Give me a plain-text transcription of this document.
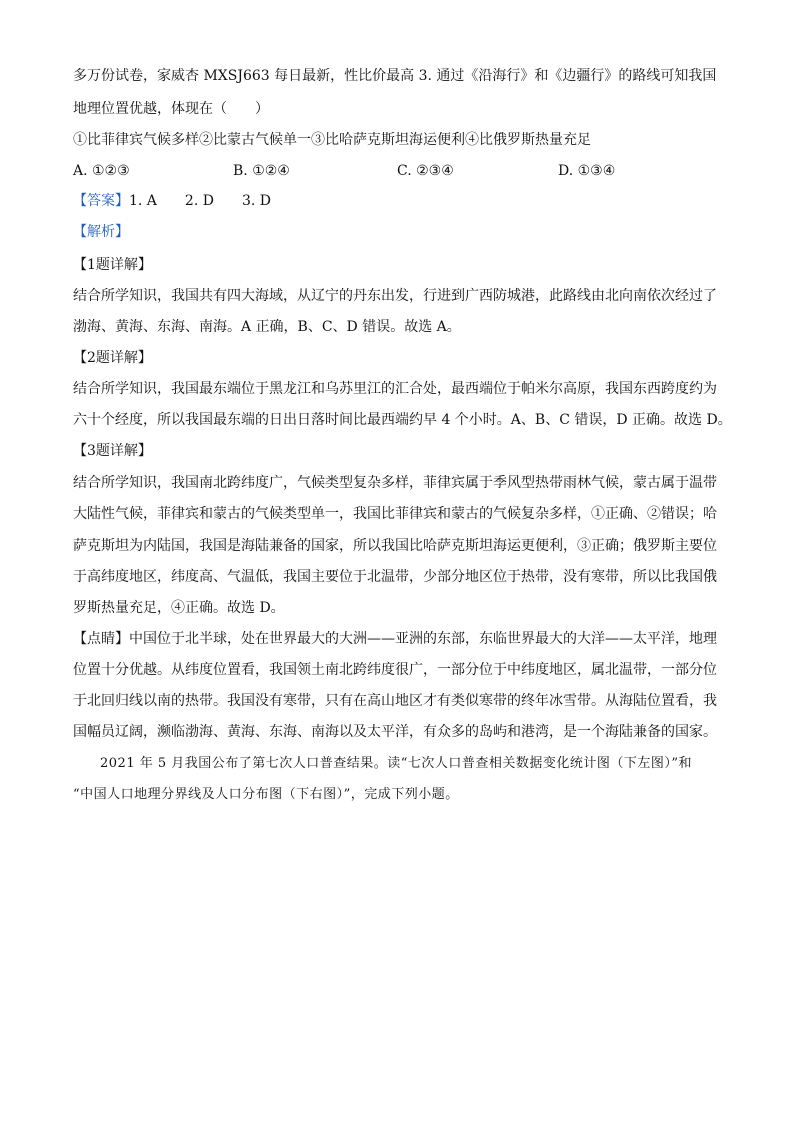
多万份试卷，家威杏 MXSJ663 每日最新，性比价最高 3. 通过《沿海行》和《边疆行》的路线可知我国
地理位置优越，体现在（　　）
①比菲律宾气候多样②比蒙古气候单一③比哈萨克斯坦海运便利④比俄罗斯热量充足
A. ①②③	B. ①②④	C. ②③④	D. ①③④
【答案】1. A　　2. D　　3. D
【解析】
【1题详解】
结合所学知识，我国共有四大海域，从辽宁的丹东出发，行进到广西防城港，此路线由北向南依次经过了
渤海、黄海、东海、南海。A 正确，B、C、D 错误。故选 A。
【2题详解】
结合所学知识，我国最东端位于黑龙江和乌苏里江的汇合处，最西端位于帕米尔高原，我国东西跨度约为
六十个经度，所以我国最东端的日出日落时间比最西端约早 4 个小时。A、B、C 错误，D 正确。故选 D。
【3题详解】
结合所学知识，我国南北跨纬度广，气候类型复杂多样，菲律宾属于季风型热带雨林气候，蒙古属于温带
大陆性气候，菲律宾和蒙古的气候类型单一，我国比菲律宾和蒙古的气候复杂多样，①正确、②错误；哈
萨克斯坦为内陆国，我国是海陆兼备的国家，所以我国比哈萨克斯坦海运更便利，③正确；俄罗斯主要位
于高纬度地区，纬度高、气温低，我国主要位于北温带，少部分地区位于热带，没有寒带，所以比我国俄
罗斯热量充足，④正确。故选 D。
【点睛】中国位于北半球，处在世界最大的大洲——亚洲的东部，东临世界最大的大洋——太平洋，地理
位置十分优越。从纬度位置看，我国领土南北跨纬度很广，一部分位于中纬度地区，属北温带，一部分位
于北回归线以南的热带。我国没有寒带，只有在高山地区才有类似寒带的终年冰雪带。从海陆位置看，我
国幅员辽阔，濒临渤海、黄海、东海、南海以及太平洋，有众多的岛屿和港湾，是一个海陆兼备的国家。
2021 年 5 月我国公布了第七次人口普查结果。读“七次人口普查相关数据变化统计图（下左图）”和
“中国人口地理分界线及人口分布图（下右图）”，完成下列小题。
